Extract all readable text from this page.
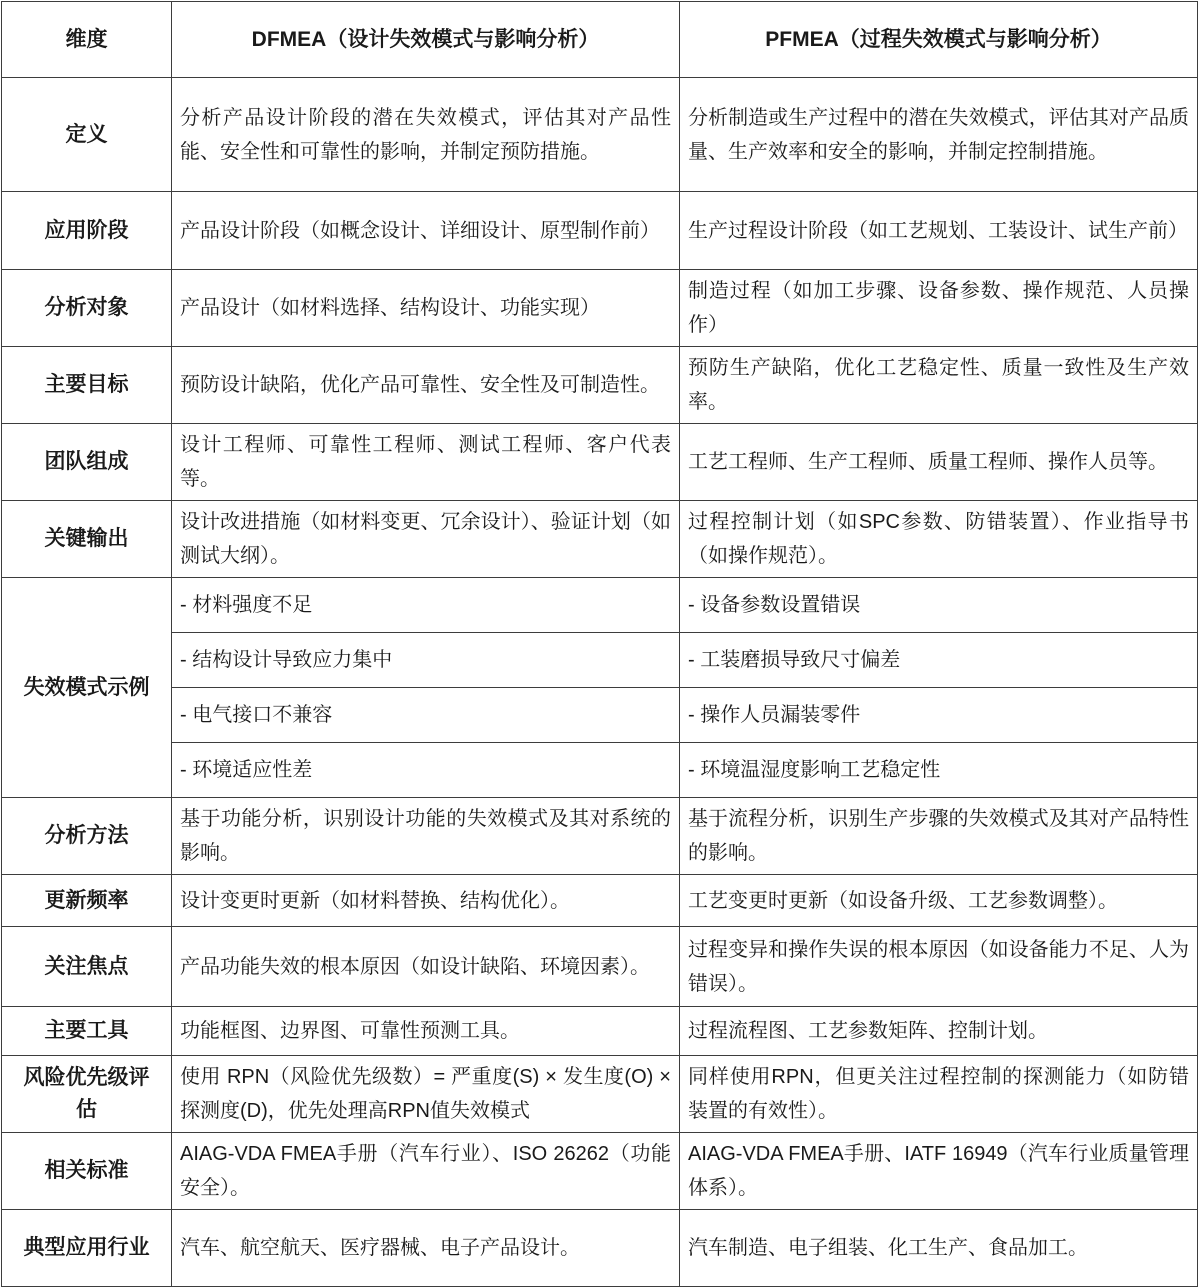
维度	DFMEA（设计失效模式与影响分析）	PFMEA（过程失效模式与影响分析）
定义	分析产品设计阶段的潜在失效模式，评估其对产品性能、安全性和可靠性的影响，并制定预防措施。	分析制造或生产过程中的潜在失效模式，评估其对产品质量、生产效率和安全的影响，并制定控制措施。
应用阶段	产品设计阶段（如概念设计、详细设计、原型制作前）	生产过程设计阶段（如工艺规划、工装设计、试生产前）
分析对象	产品设计（如材料选择、结构设计、功能实现）	制造过程（如加工步骤、设备参数、操作规范、人员操作）
主要目标	预防设计缺陷，优化产品可靠性、安全性及可制造性。	预防生产缺陷，优化工艺稳定性、质量一致性及生产效率。
团队组成	设计工程师、可靠性工程师、测试工程师、客户代表等。	工艺工程师、生产工程师、质量工程师、操作人员等。
关键输出	设计改进措施（如材料变更、冗余设计）、验证计划（如测试大纲）。	过程控制计划（如SPC参数、防错装置）、作业指导书（如操作规范）。
失效模式示例	- 材料强度不足	- 设备参数设置错误
	- 结构设计导致应力集中	- 工装磨损导致尺寸偏差
	- 电气接口不兼容	- 操作人员漏装零件
	- 环境适应性差	- 环境温湿度影响工艺稳定性
分析方法	基于功能分析，识别设计功能的失效模式及其对系统的影响。	基于流程分析，识别生产步骤的失效模式及其对产品特性的影响。
更新频率	设计变更时更新（如材料替换、结构优化）。	工艺变更时更新（如设备升级、工艺参数调整）。
关注焦点	产品功能失效的根本原因（如设计缺陷、环境因素）。	过程变异和操作失误的根本原因（如设备能力不足、人为错误）。
主要工具	功能框图、边界图、可靠性预测工具。	过程流程图、工艺参数矩阵、控制计划。
风险优先级评估	使用 RPN（风险优先级数）= 严重度(S) × 发生度(O) × 探测度(D)，优先处理高RPN值失效模式	同样使用RPN，但更关注过程控制的探测能力（如防错装置的有效性）。
相关标准	AIAG-VDA FMEA手册（汽车行业）、ISO 26262（功能安全）。	AIAG-VDA FMEA手册、IATF 16949（汽车行业质量管理体系）。
典型应用行业	汽车、航空航天、医疗器械、电子产品设计。	汽车制造、电子组装、化工生产、食品加工。
